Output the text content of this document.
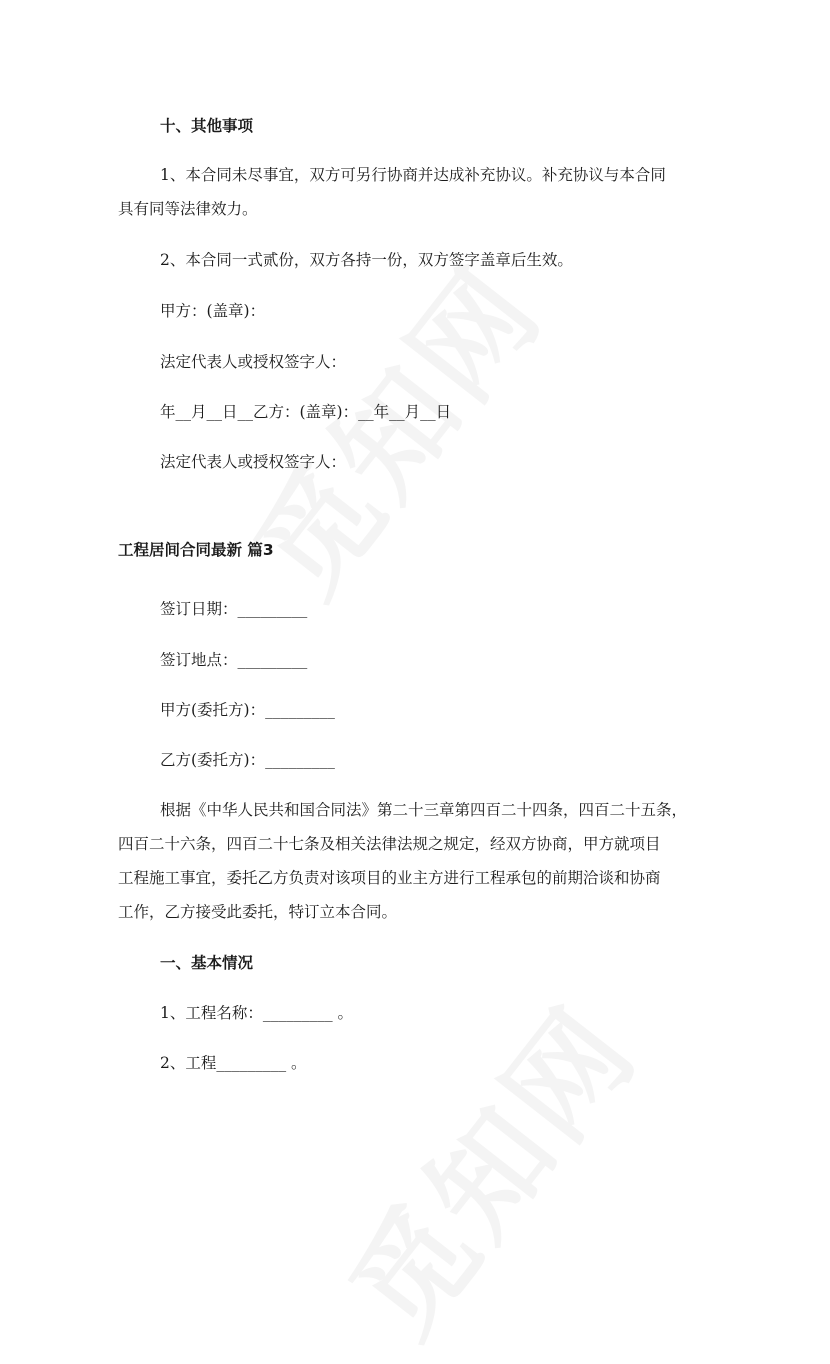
十、其他事项
1、本合同未尽事宜，双方可另行协商并达成补充协议。补充协议与本合同
具有同等法律效力。
2、本合同一式贰份，双方各持一份，双方签字盖章后生效。
甲方：(盖章)：
法定代表人或授权签字人：
年__月__日__乙方：(盖章)：__年__月__日
法定代表人或授权签字人：
工程居间合同最新 篇3
签订日期：_________
签订地点：_________
甲方(委托方)：_________
乙方(委托方)：_________
根据《中华人民共和国合同法》第二十三章第四百二十四条，四百二十五条，
四百二十六条，四百二十七条及相关法律法规之规定，经双方协商，甲方就项目
工程施工事宜，委托乙方负责对该项目的业主方进行工程承包的前期洽谈和协商
工作，乙方接受此委托，特订立本合同。
一、基本情况
1、工程名称：_________ 。
2、工程_________ 。
